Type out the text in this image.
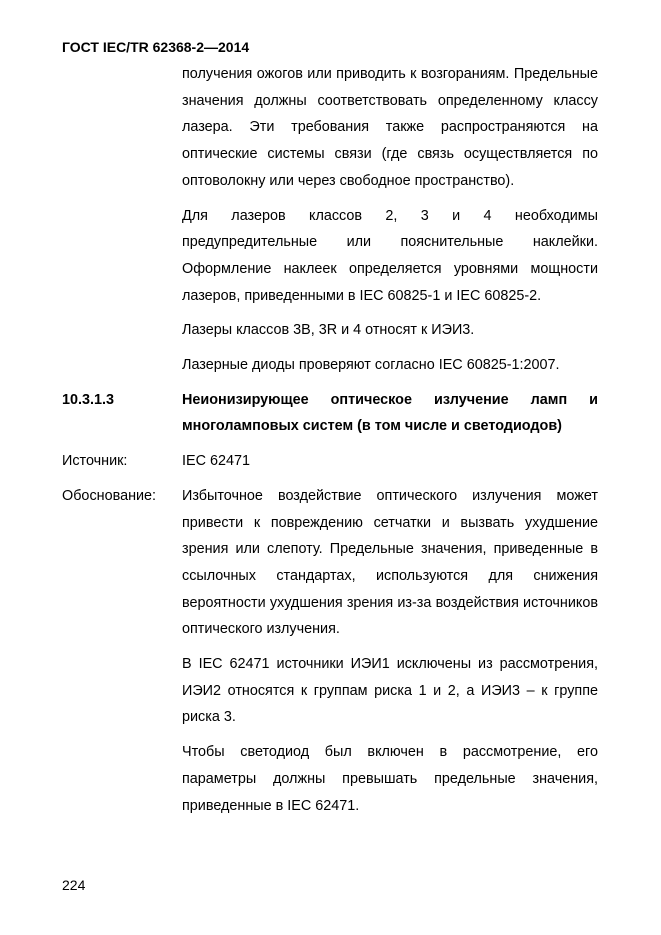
ГОСТ IEC/TR 62368-2—2014

получения ожогов или приводить к возгораниям. Предельные значения должны соответствовать определенному классу лазера. Эти требования также распространяются на оптические системы связи (где связь осуществляется по оптоволокну или через свободное пространство).

Для лазеров классов 2, 3 и 4 необходимы предупредительные или пояснительные наклейки. Оформление наклеек определяется уровнями мощности лазеров, приведенными в IEC 60825-1 и IEC 60825-2.

Лазеры классов 3B, 3R и 4 относят к ИЭИ3.

Лазерные диоды проверяют согласно IEC 60825-1:2007.

10.3.1.3	Неионизирующее оптическое излучение ламп и многоламповых систем (в том числе и светодиодов)
Источник:	IEC 62471
Обоснование:	Избыточное воздействие оптического излучения может привести к повреждению сетчатки и вызвать ухудшение зрения или слепоту. Предельные значения, приведенные в ссылочных стандартах, используются для снижения вероятности ухудшения зрения из-за воздействия источников оптического излучения.

В IEC 62471 источники ИЭИ1 исключены из рассмотрения, ИЭИ2 относятся к группам риска 1 и 2, а ИЭИ3 – к группе риска 3.

Чтобы светодиод был включен в рассмотрение, его параметры должны превышать предельные значения, приведенные в IEC 62471.

224
